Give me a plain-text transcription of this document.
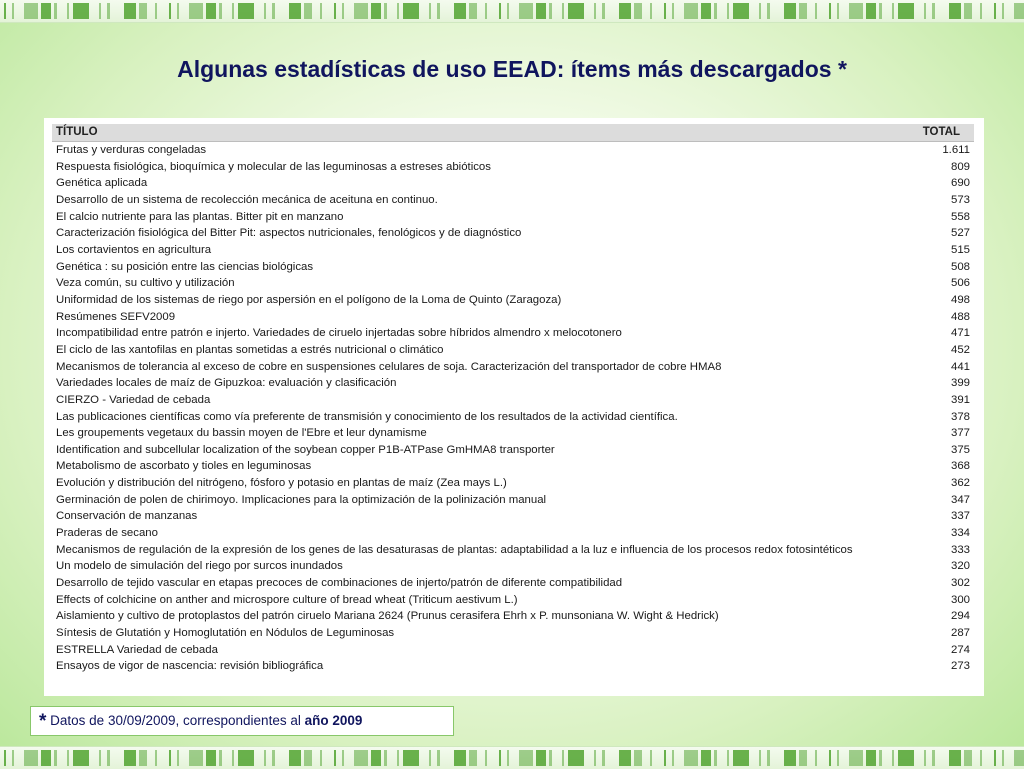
Algunas estadísticas de uso EEAD: ítems más descargados *
TÍTULO	TOTAL
Frutas y verduras congeladas	1.611
Respuesta fisiológica, bioquímica y molecular de las leguminosas a estreses abióticos	809
Genética aplicada	690
Desarrollo de un sistema de recolección mecánica de aceituna en continuo.	573
El calcio nutriente para las plantas. Bitter pit en manzano	558
Caracterización fisiológica del Bitter Pit: aspectos nutricionales, fenológicos y de diagnóstico	527
Los cortavientos en agricultura	515
Genética : su posición entre las ciencias biológicas	508
Veza común, su cultivo y utilización	506
Uniformidad de los sistemas de riego por aspersión en el polígono de la Loma de Quinto (Zaragoza)	498
Resúmenes SEFV2009	488
Incompatibilidad entre patrón e injerto. Variedades de ciruelo injertadas sobre híbridos almendro x melocotonero	471
El ciclo de las xantofilas en plantas sometidas a estrés nutricional o climático	452
Mecanismos de tolerancia al exceso de cobre en suspensiones celulares de soja. Caracterización del transportador de cobre HMA8	441
Variedades locales de maíz de Gipuzkoa: evaluación y clasificación	399
CIERZO - Variedad de cebada	391
Las publicaciones científicas como vía preferente de transmisión y conocimiento de los resultados de la actividad científica.	378
Les groupements vegetaux du bassin moyen de l'Ebre et leur dynamisme	377
Identification and subcellular localization of the soybean copper P1B-ATPase GmHMA8 transporter	375
Metabolismo de ascorbato y tioles en leguminosas	368
Evolución y distribución del nitrógeno, fósforo y potasio en plantas de maíz (Zea mays L.)	362
Germinación de polen de chirimoyo. Implicaciones para la optimización de la polinización manual	347
Conservación de manzanas	337
Praderas de secano	334
Mecanismos de regulación de la expresión de los genes de las desaturasas de plantas: adaptabilidad a la luz e influencia de los procesos redox fotosintéticos	333
Un modelo de simulación del riego por surcos inundados	320
Desarrollo de tejido vascular en etapas precoces de combinaciones de injerto/patrón de diferente compatibilidad	302
Effects of colchicine on anther and microspore culture of bread wheat (Triticum aestivum L.)	300
Aislamiento y cultivo de protoplastos del patrón ciruelo Mariana 2624 (Prunus cerasifera Ehrh x P. munsoniana W. Wight & Hedrick)	294
Síntesis de Glutatión y Homoglutatión en Nódulos de Leguminosas	287
ESTRELLA Variedad de cebada	274
Ensayos de vigor de nascencia: revisión bibliográfica	273
* Datos de 30/09/2009, correspondientes al año 2009
